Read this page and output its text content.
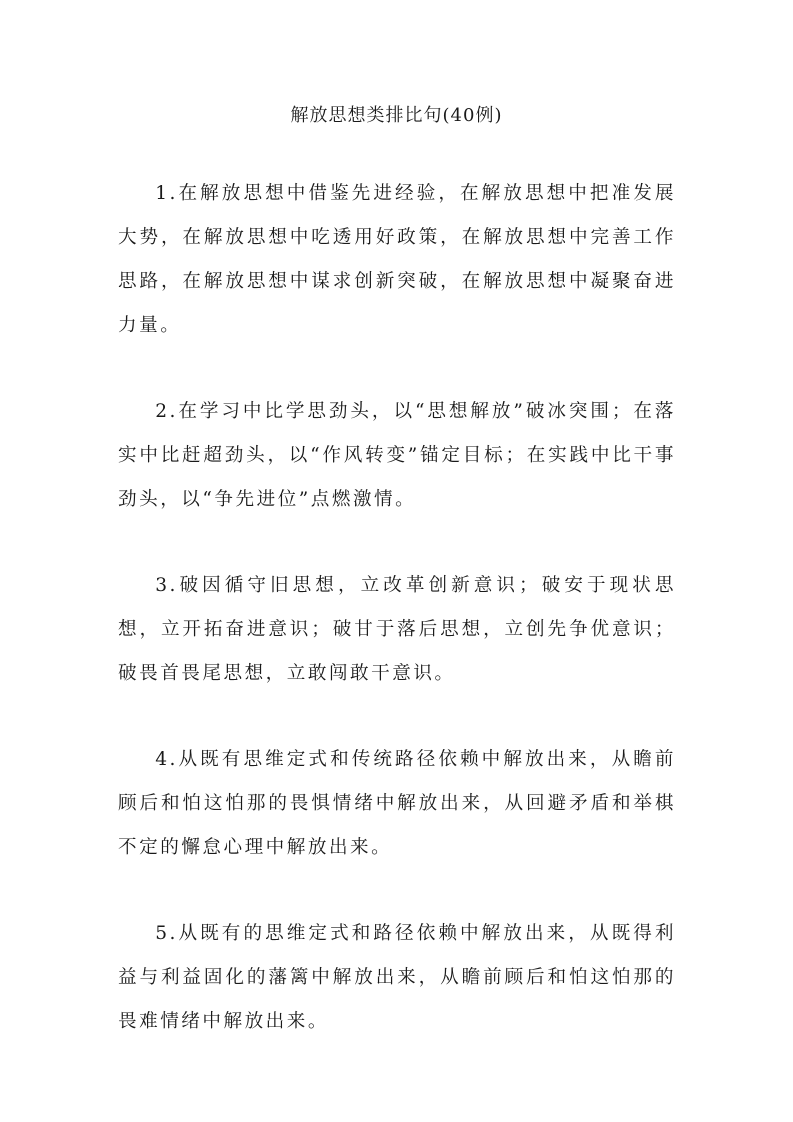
解放思想类排比句(40例)

1.在解放思想中借鉴先进经验，在解放思想中把准发展大势，在解放思想中吃透用好政策，在解放思想中完善工作思路，在解放思想中谋求创新突破，在解放思想中凝聚奋进力量。

2.在学习中比学思劲头，以“思想解放”破冰突围；在落实中比赶超劲头，以“作风转变”锚定目标；在实践中比干事劲头，以“争先进位”点燃激情。

3.破因循守旧思想，立改革创新意识；破安于现状思想，立开拓奋进意识；破甘于落后思想，立创先争优意识；破畏首畏尾思想，立敢闯敢干意识。

4.从既有思维定式和传统路径依赖中解放出来，从瞻前顾后和怕这怕那的畏惧情绪中解放出来，从回避矛盾和举棋不定的懈怠心理中解放出来。

5.从既有的思维定式和路径依赖中解放出来，从既得利益与利益固化的藩篱中解放出来，从瞻前顾后和怕这怕那的畏难情绪中解放出来。
